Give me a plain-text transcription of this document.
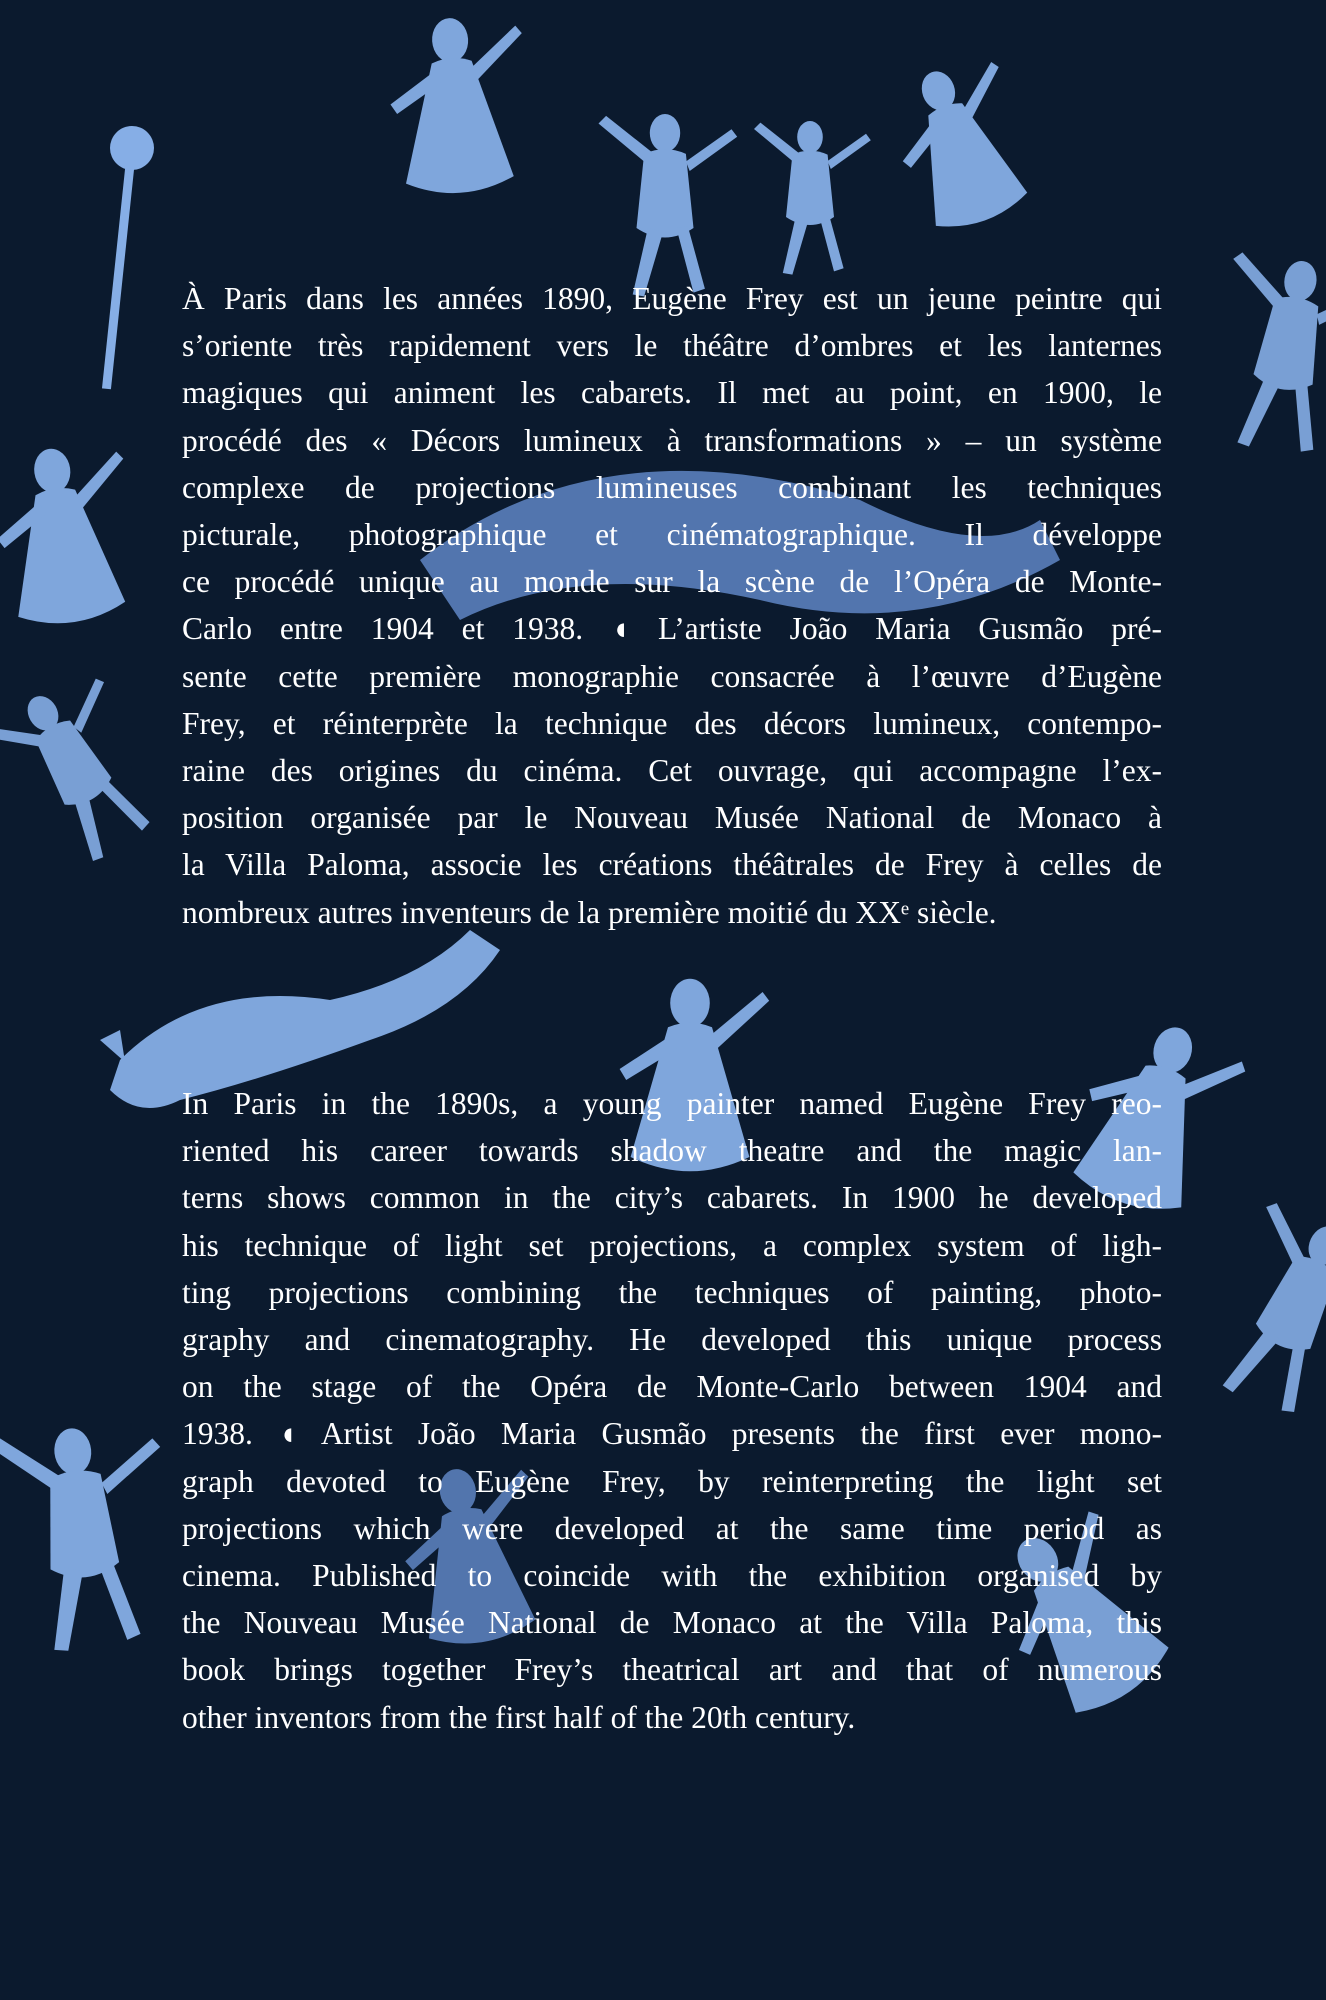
À Paris dans les années 1890, Eugène Frey est un jeune peintre qui
s’oriente très rapidement vers le théâtre d’ombres et les lanternes
magiques qui animent les cabarets. Il met au point, en 1900, le
procédé des « Décors lumineux à transformations » – un système
complexe de projections lumineuses combinant les techniques
picturale, photographique et cinématographique. Il développe
ce procédé unique au monde sur la scène de l’Opéra de Monte-
Carlo entre 1904 et 1938. ◖ L’artiste João Maria Gusmão pré-
sente cette première monographie consacrée à l’œuvre d’Eugène
Frey, et réinterprète la technique des décors lumineux, contempo-
raine des origines du cinéma. Cet ouvrage, qui accompagne l’ex-
position organisée par le Nouveau Musée National de Monaco à
la Villa Paloma, associe les créations théâtrales de Frey à celles de
nombreux autres inventeurs de la première moitié du XXᵉ siècle.
In Paris in the 1890s, a young painter named Eugène Frey reo-
riented his career towards shadow theatre and the magic lan-
terns shows common in the city’s cabarets. In 1900 he developed
his technique of light set projections, a complex system of ligh-
ting projections combining the techniques of painting, photo-
graphy and cinematography. He developed this unique process
on the stage of the Opéra de Monte-Carlo between 1904 and
1938. ◖ Artist João Maria Gusmão presents the first ever mono-
graph devoted to Eugène Frey, by reinterpreting the light set
projections which were developed at the same time period as
cinema. Published to coincide with the exhibition organised by
the Nouveau Musée National de Monaco at the Villa Paloma, this
book brings together Frey’s theatrical art and that of numerous
other inventors from the first half of the 20th century.
